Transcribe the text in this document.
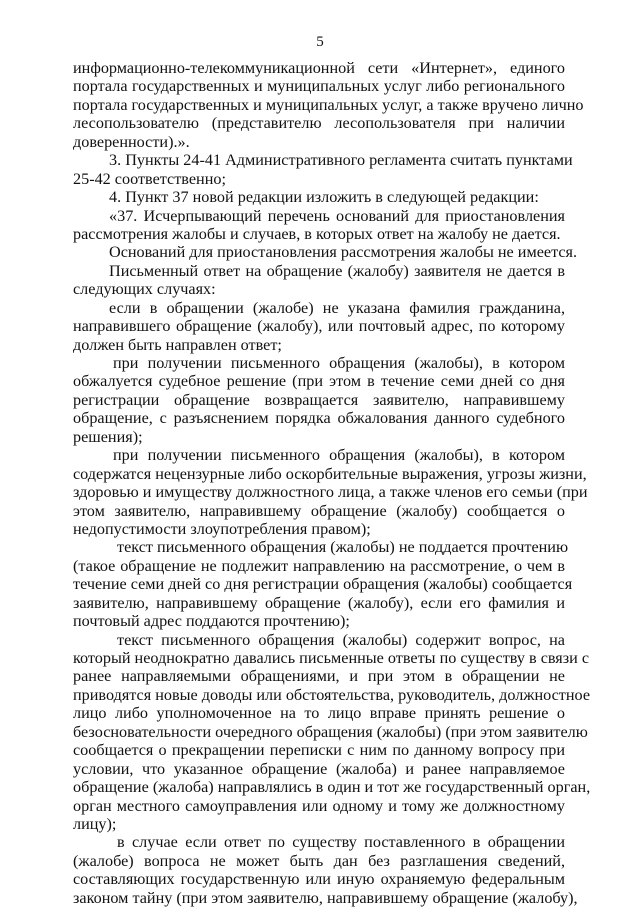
5
информационно-телекоммуникационной сети «Интернет», единого
портала государственных и муниципальных услуг либо регионального
портала государственных и муниципальных услуг, а также вручено лично
лесопользователю (представителю лесопользователя при наличии
доверенности).».
3. Пункты 24-41 Административного регламента считать пунктами
25-42 соответственно;
4. Пункт 37 новой редакции изложить в следующей редакции:
«37. Исчерпывающий перечень оснований для приостановления
рассмотрения жалобы и случаев, в которых ответ на жалобу не дается.
Оснований для приостановления рассмотрения жалобы не имеется.
Письменный ответ на обращение (жалобу) заявителя не дается в
следующих случаях:
если в обращении (жалобе) не указана фамилия гражданина,
направившего обращение (жалобу), или почтовый адрес, по которому
должен быть направлен ответ;
при получении письменного обращения (жалобы), в котором
обжалуется судебное решение (при этом в течение семи дней со дня
регистрации обращение возвращается заявителю, направившему
обращение, с разъяснением порядка обжалования данного судебного
решения);
при получении письменного обращения (жалобы), в котором
содержатся нецензурные либо оскорбительные выражения, угрозы жизни,
здоровью и имуществу должностного лица, а также членов его семьи (при
этом заявителю, направившему обращение (жалобу) сообщается о
недопустимости злоупотребления правом);
текст письменного обращения (жалобы) не поддается прочтению
(такое обращение не подлежит направлению на рассмотрение, о чем в
течение семи дней со дня регистрации обращения (жалобы) сообщается
заявителю, направившему обращение (жалобу), если его фамилия и
почтовый адрес поддаются прочтению);
текст письменного обращения (жалобы) содержит вопрос, на
который неоднократно давались письменные ответы по существу в связи с
ранее направляемыми обращениями, и при этом в обращении не
приводятся новые доводы или обстоятельства, руководитель, должностное
лицо либо уполномоченное на то лицо вправе принять решение о
безосновательности очередного обращения (жалобы) (при этом заявителю
сообщается о прекращении переписки с ним по данному вопросу при
условии, что указанное обращение (жалоба) и ранее направляемое
обращение (жалоба) направлялись в один и тот же государственный орган,
орган местного самоуправления или одному и тому же должностному
лицу);
в случае если ответ по существу поставленного в обращении
(жалобе) вопроса не может быть дан без разглашения сведений,
составляющих государственную или иную охраняемую федеральным
законом тайну (при этом заявителю, направившему обращение (жалобу),
